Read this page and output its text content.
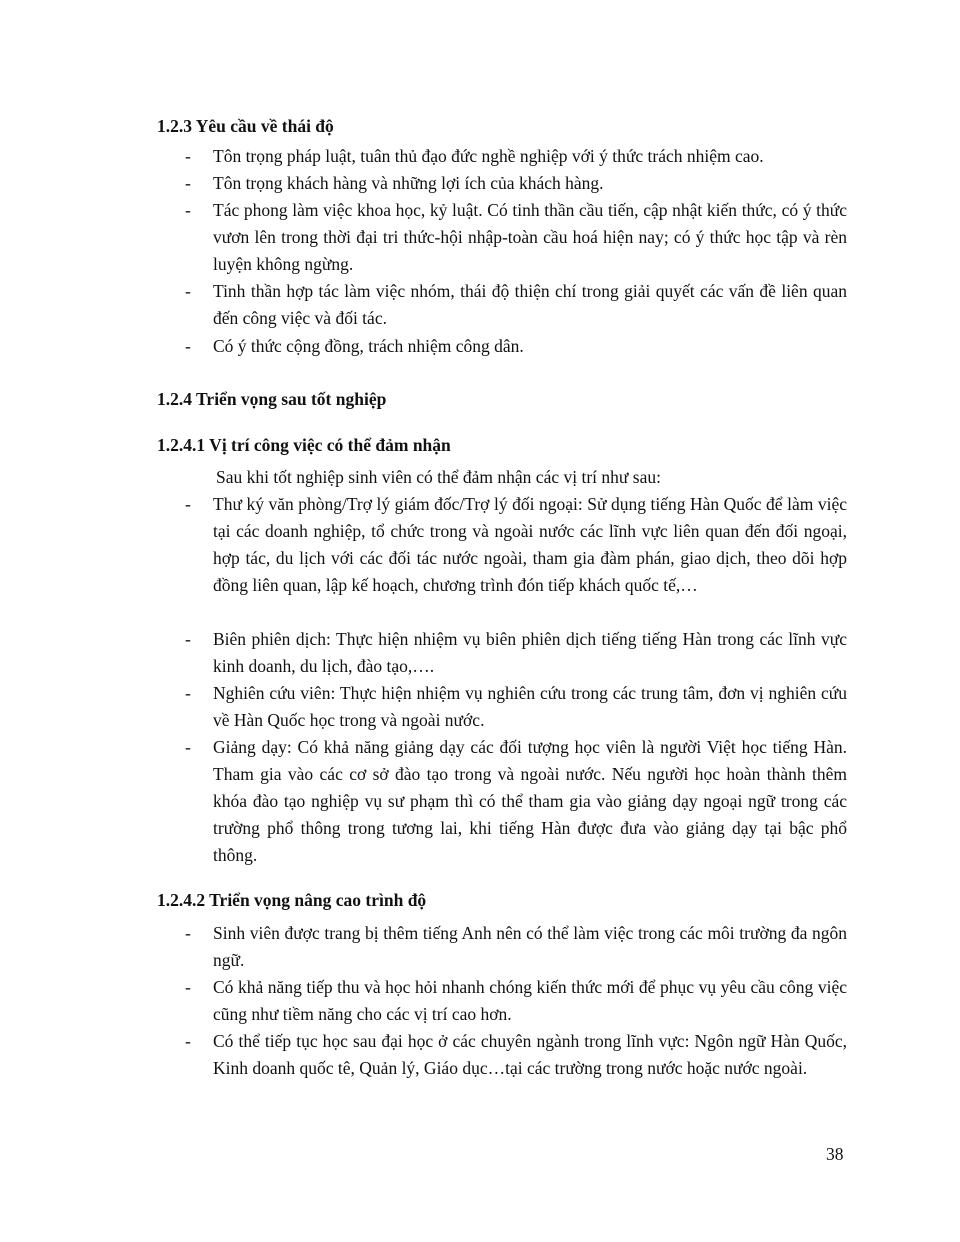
1.2.3 Yêu cầu về thái độ
- Tôn trọng pháp luật, tuân thủ đạo đức nghề nghiệp với ý thức trách nhiệm cao.
- Tôn trọng khách hàng và những lợi ích của khách hàng.
- Tác phong làm việc khoa học, kỷ luật. Có tinh thần cầu tiến, cập nhật kiến thức, có ý thức vươn lên trong thời đại tri thức-hội nhập-toàn cầu hoá hiện nay; có ý thức học tập và rèn luyện không ngừng.
- Tinh thần hợp tác làm việc nhóm, thái độ thiện chí trong giải quyết các vấn đề liên quan đến công việc và đối tác.
- Có ý thức cộng đồng, trách nhiệm công dân.
1.2.4 Triển vọng sau tốt nghiệp
1.2.4.1 Vị trí công việc có thể đảm nhận
Sau khi tốt nghiệp sinh viên có thể đảm nhận các vị trí như sau:
- Thư ký văn phòng/Trợ lý giám đốc/Trợ lý đối ngoại: Sử dụng tiếng Hàn Quốc để làm việc tại các doanh nghiệp, tổ chức trong và ngoài nước các lĩnh vực liên quan đến đối ngoại, hợp tác, du lịch với các đối tác nước ngoài, tham gia đàm phán, giao dịch, theo dõi hợp đồng liên quan, lập kế hoạch, chương trình đón tiếp khách quốc tế,…
- Biên phiên dịch: Thực hiện nhiệm vụ biên phiên dịch tiếng tiếng Hàn trong các lĩnh vực kinh doanh, du lịch, đào tạo,….
- Nghiên cứu viên: Thực hiện nhiệm vụ nghiên cứu trong các trung tâm, đơn vị nghiên cứu về Hàn Quốc học trong và ngoài nước.
- Giảng dạy: Có khả năng giảng dạy các đối tượng học viên là người Việt học tiếng Hàn. Tham gia vào các cơ sở đào tạo trong và ngoài nước. Nếu người học hoàn thành thêm khóa đào tạo nghiệp vụ sư phạm thì có thể tham gia vào giảng dạy ngoại ngữ trong các trường phổ thông trong tương lai, khi tiếng Hàn được đưa vào giảng dạy tại bậc phổ thông.
1.2.4.2 Triển vọng nâng cao trình độ
- Sinh viên được trang bị thêm tiếng Anh nên có thể làm việc trong các môi trường đa ngôn ngữ.
- Có khả năng tiếp thu và học hỏi nhanh chóng kiến thức mới để phục vụ yêu cầu công việc cũng như tiềm năng cho các vị trí cao hơn.
- Có thể tiếp tục học sau đại học ở các chuyên ngành trong lĩnh vực: Ngôn ngữ Hàn Quốc, Kinh doanh quốc tê, Quản lý, Giáo dục…tại các trường trong nước hoặc nước ngoài.
38
